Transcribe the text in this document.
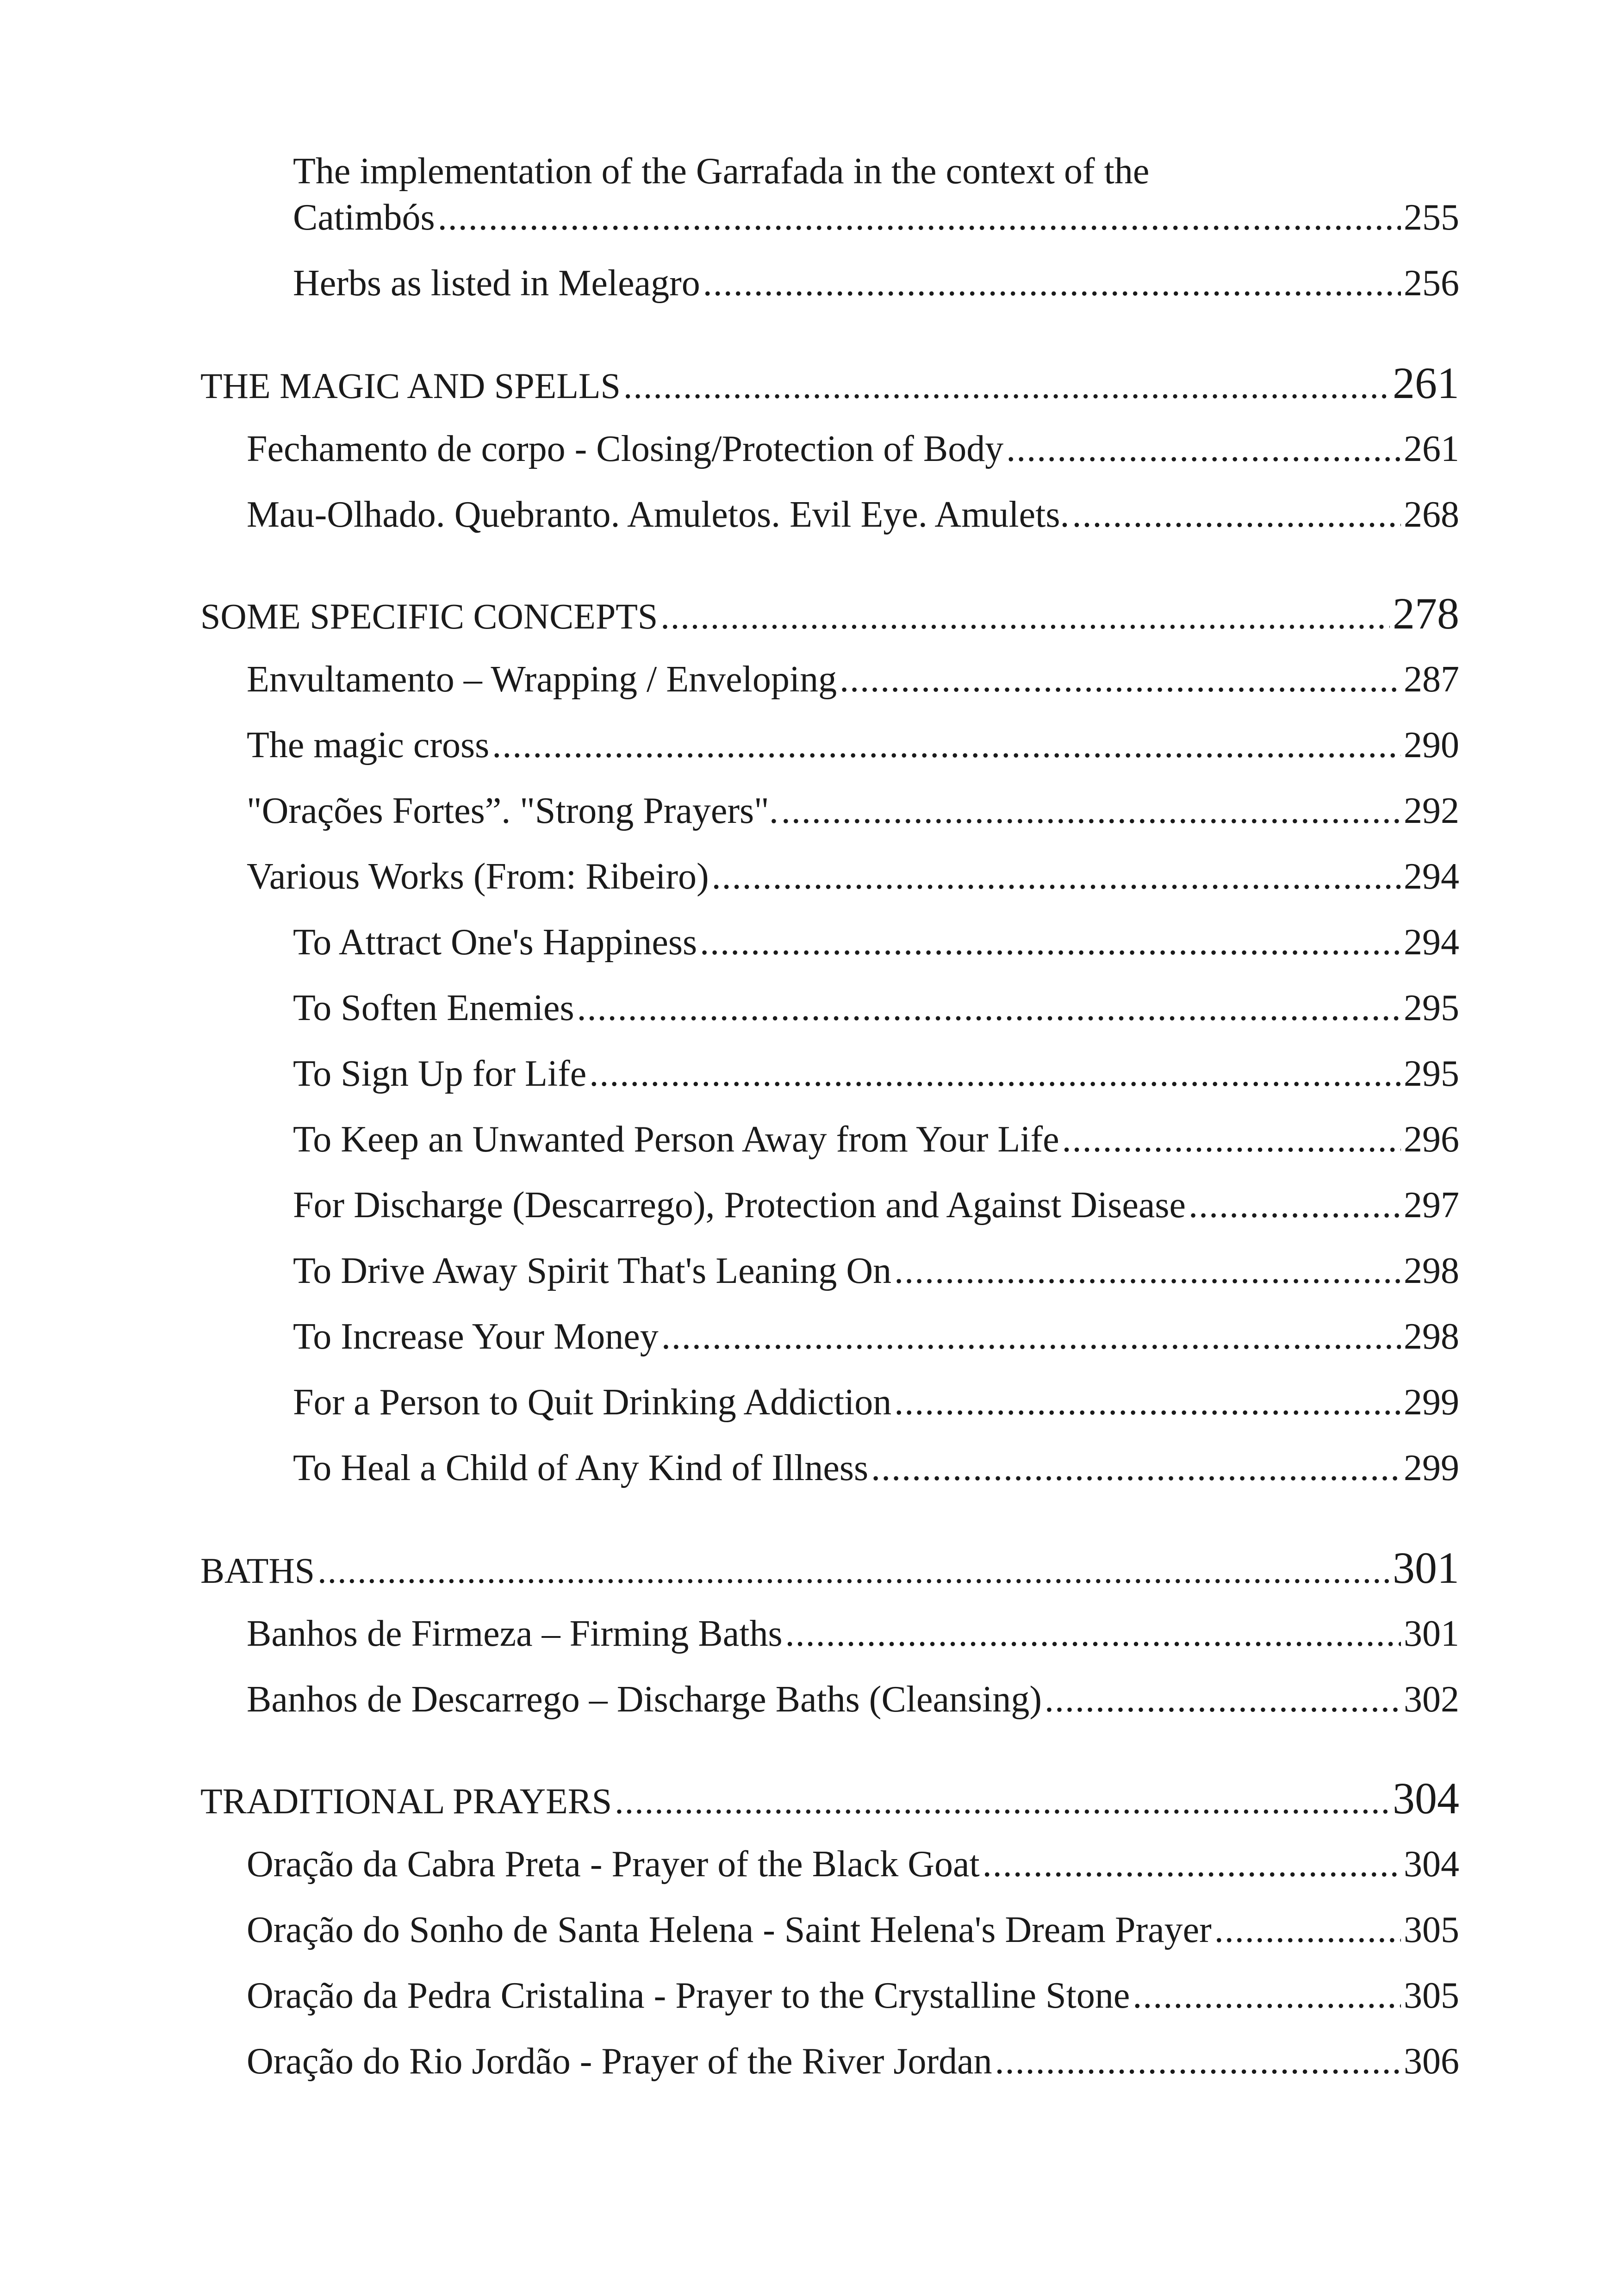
The implementation of the Garrafada in the context of the
Catimbós .....	255
Herbs as listed in Meleagro .....	256
THE MAGIC AND SPELLS .....	261
Fechamento de corpo - Closing/Protection of Body .....	261
Mau-Olhado. Quebranto. Amuletos. Evil Eye. Amulets. .....	268
SOME SPECIFIC CONCEPTS .....	278
Envultamento – Wrapping / Enveloping .....	287
The magic cross .....	290
"Orações Fortes”. "Strong Prayers". .....	292
Various Works (From: Ribeiro) .....	294
To Attract One's Happiness .....	294
To Soften Enemies .....	295
To Sign Up for Life .....	295
To Keep an Unwanted Person Away from Your Life .....	296
For Discharge (Descarrego), Protection and Against Disease .....	297
To Drive Away Spirit That's Leaning On .....	298
To Increase Your Money .....	298
For a Person to Quit Drinking Addiction .....	299
To Heal a Child of Any Kind of Illness .....	299
BATHS .....	301
Banhos de Firmeza – Firming Baths .....	301
Banhos de Descarrego – Discharge Baths (Cleansing) .....	302
TRADITIONAL PRAYERS .....	304
Oração da Cabra Preta - Prayer of the Black Goat .....	304
Oração do Sonho de Santa Helena - Saint Helena's Dream Prayer .....	305
Oração da Pedra Cristalina - Prayer to the Crystalline Stone .....	305
Oração do Rio Jordão - Prayer of the River Jordan .....	306
